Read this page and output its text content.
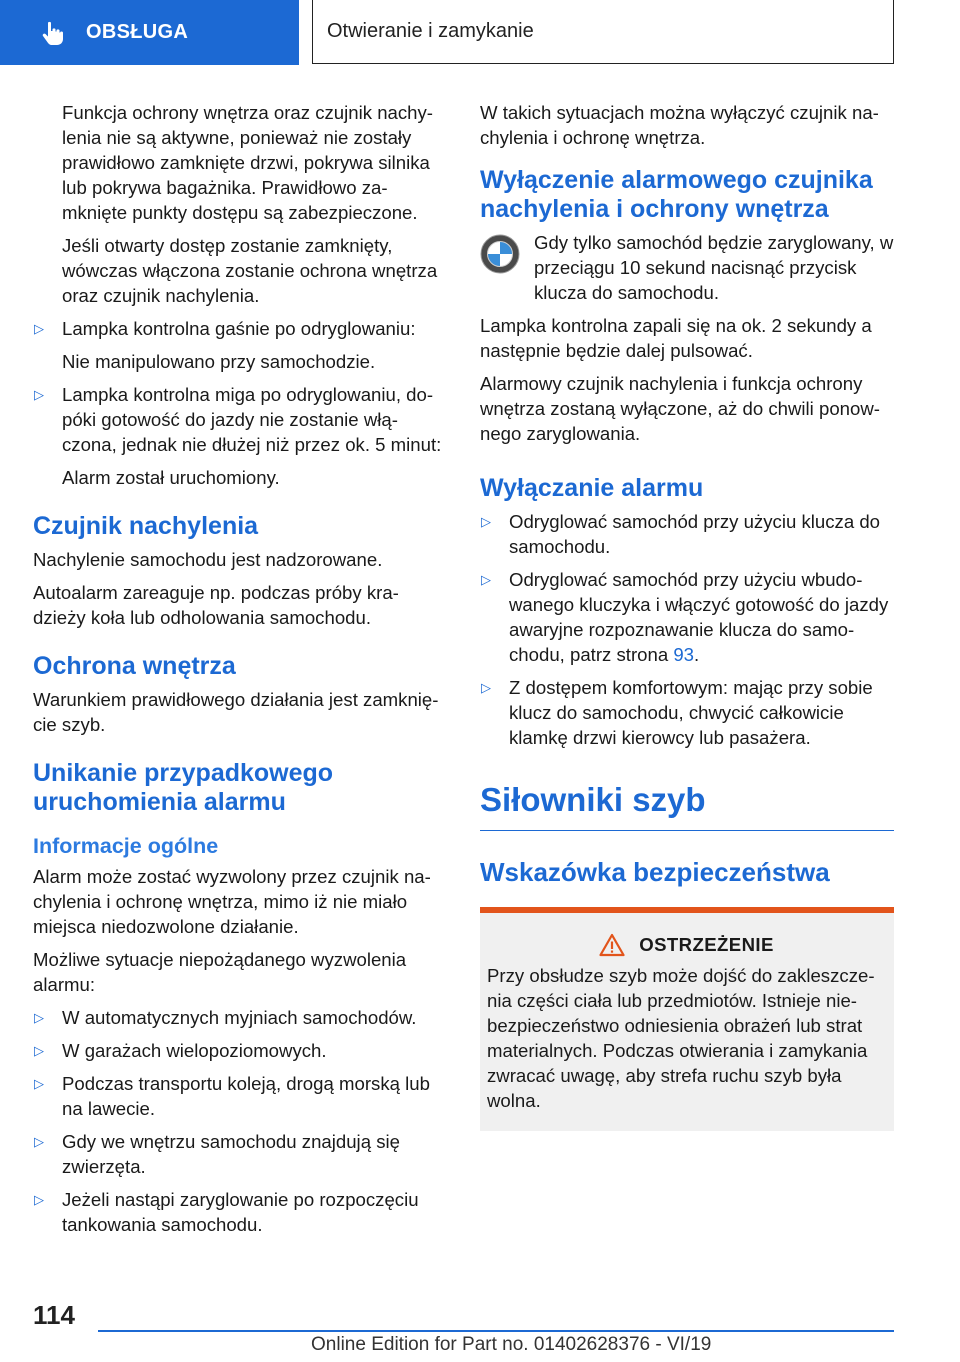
OBSŁUGA	Otwieranie i zamykanie

Funkcja ochrony wnętrza oraz czujnik nachy-lenia nie są aktywne, ponieważ nie zostały prawidłowo zamknięte drzwi, pokrywa silnika lub pokrywa bagażnika. Prawidłowo za-mknięte punkty dostępu są zabezpieczone.

Jeśli otwarty dostęp zostanie zamknięty, wówczas włączona zostanie ochrona wnętrza oraz czujnik nachylenia.

▷ Lampka kontrolna gaśnie po odryglowaniu:

Nie manipulowano przy samochodzie.

▷ Lampka kontrolna miga po odryglowaniu, do-póki gotowość do jazdy nie zostanie włą-czona, jednak nie dłużej niż przez ok. 5 minut:

Alarm został uruchomiony.

Czujnik nachylenia

Nachylenie samochodu jest nadzorowane.

Autoalarm zareaguje np. podczas próby kra-dzieży koła lub odholowania samochodu.

Ochrona wnętrza

Warunkiem prawidłowego działania jest zamknię-cie szyb.

Unikanie przypadkowego uruchomienia alarmu
Informacje ogólne

Alarm może zostać wyzwolony przez czujnik na-chylenia i ochronę wnętrza, mimo iż nie miało miejsca niedozwolone działanie.

Możliwe sytuacje niepożądanego wyzwolenia alarmu:

▷ W automatycznych myjniach samochodów.
▷ W garażach wielopoziomowych.
▷ Podczas transportu koleją, drogą morską lub na lawecie.
▷ Gdy we wnętrzu samochodu znajdują się zwierzęta.
▷ Jeżeli nastąpi zaryglowanie po rozpoczęciu tankowania samochodu.

W takich sytuacjach można wyłączyć czujnik na-chylenia i ochronę wnętrza.

Wyłączenie alarmowego czujnika nachylenia i ochrony wnętrza

Gdy tylko samochód będzie zaryglowany, w przeciągu 10 sekund nacisnąć przycisk klucza do samochodu.

Lampka kontrolna zapali się na ok. 2 sekundy a następnie będzie dalej pulsować.

Alarmowy czujnik nachylenia i funkcja ochrony wnętrza zostaną wyłączone, aż do chwili ponow-nego zaryglowania.

Wyłączanie alarmu
▷ Odryglować samochód przy użyciu klucza do samochodu.
▷ Odryglować samochód przy użyciu wbudo-wanego kluczyka i włączyć gotowość do jazdy awaryjne rozpoznawanie klucza do samo-chodu, patrz strona 93.
▷ Z dostępem komfortowym: mając przy sobie klucz do samochodu, chwycić całkowicie klamkę drzwi kierowcy lub pasażera.
Siłowniki szyb
Wskazówka bezpieczeństwa
OSTRZEŻENIE

Przy obsłudze szyb może dojść do zakleszcze-nia części ciała lub przedmiotów. Istnieje nie-bezpieczeństwo odniesienia obrażeń lub strat materialnych. Podczas otwierania i zamykania zwracać uwagę, aby strefa ruchu szyb była wolna.

114
Online Edition for Part no. 01402628376 - VI/19
